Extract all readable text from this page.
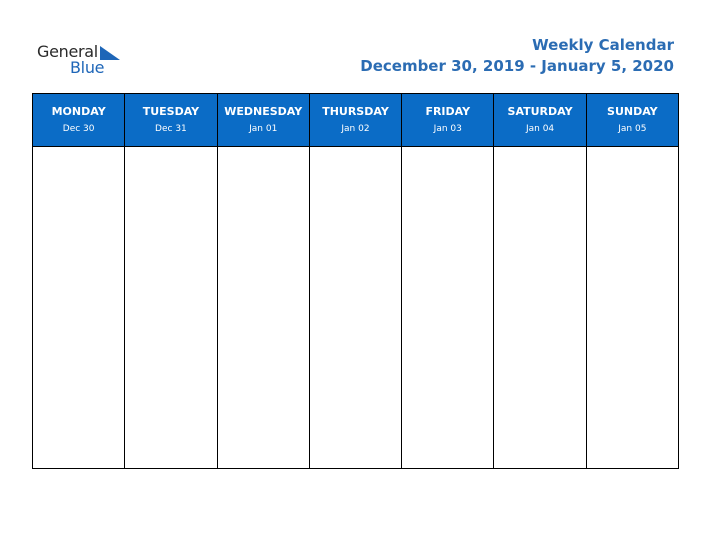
General
Blue
Weekly Calendar
December 30, 2019 - January 5, 2020
MONDAY
Dec 30
TUESDAY
Dec 31
WEDNESDAY
Jan 01
THURSDAY
Jan 02
FRIDAY
Jan 03
SATURDAY
Jan 04
SUNDAY
Jan 05
